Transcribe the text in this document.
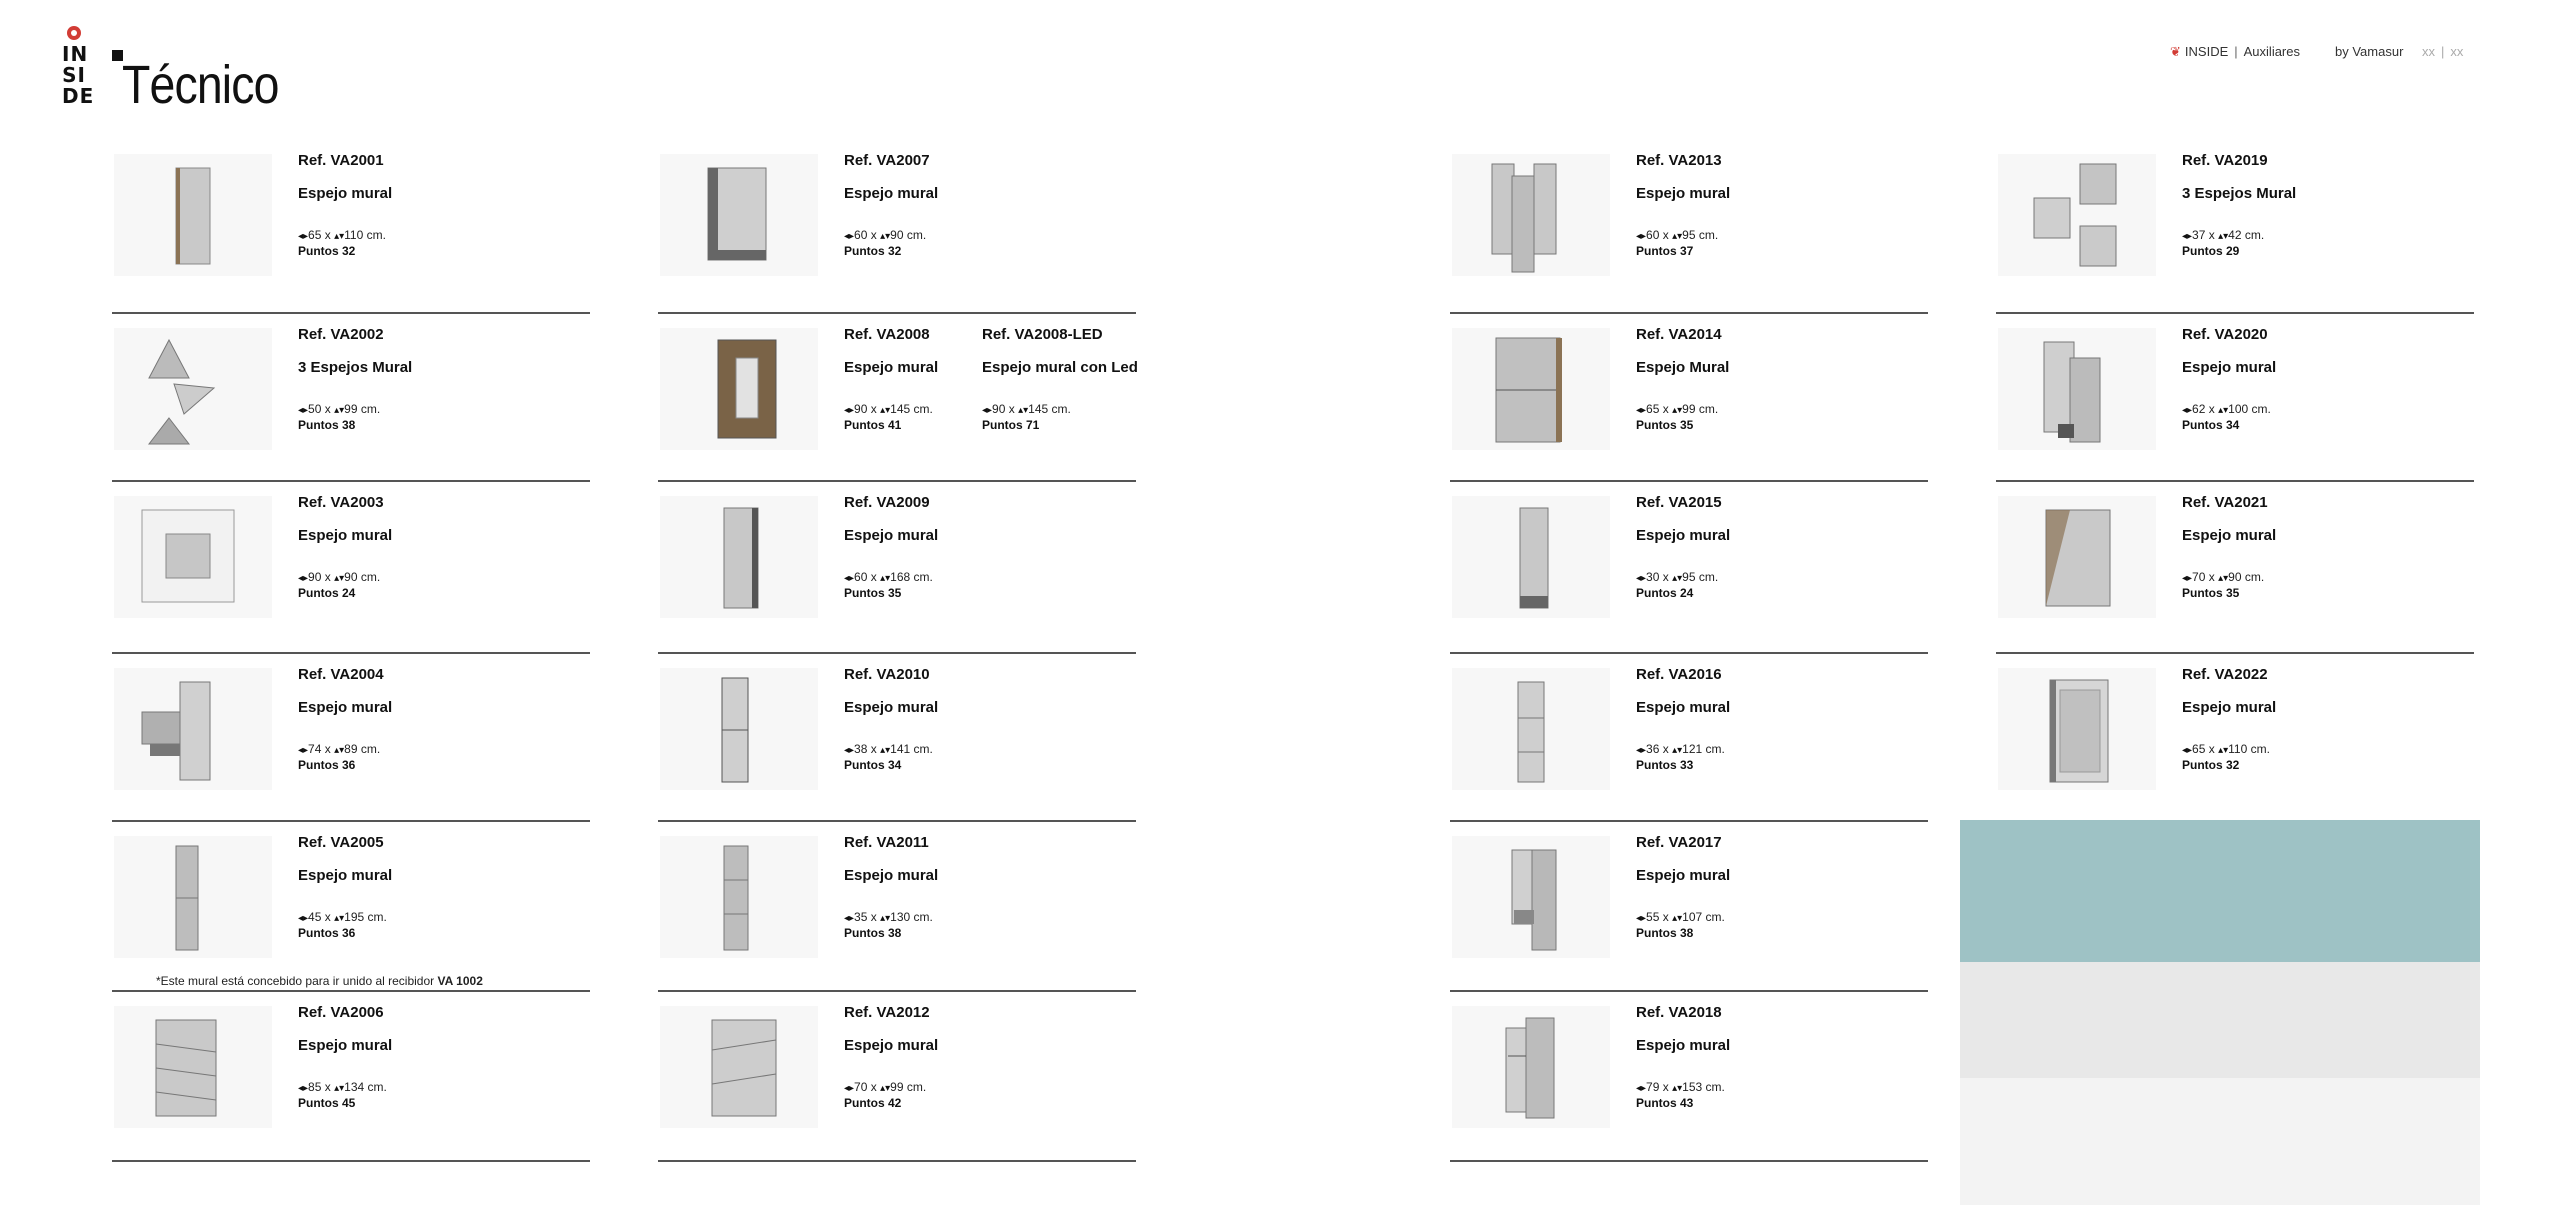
IN
SI
DE Técnico
❦ INSIDE | Auxiliares	by Vamasur xx | xx
Ref. VA2001
Espejo mural
◂▸65 x ▴▾110 cm.
Puntos 32
Ref. VA2002
3 Espejos Mural
◂▸50 x ▴▾99 cm.
Puntos 38
Ref. VA2003
Espejo mural
◂▸90 x ▴▾90 cm.
Puntos 24
Ref. VA2004
Espejo mural
◂▸74 x ▴▾89 cm.
Puntos 36
Ref. VA2005
Espejo mural
◂▸45 x ▴▾195 cm.
Puntos 36
*Este mural está concebido para ir unido al recibidor VA 1002
Ref. VA2006
Espejo mural
◂▸85 x ▴▾134 cm.
Puntos 45
Ref. VA2007
Espejo mural
◂▸60 x ▴▾90 cm.
Puntos 32
Ref. VA2008
Espejo mural
◂▸90 x ▴▾145 cm.
Puntos 41
Ref. VA2008-LED
Espejo mural con Led
◂▸90 x ▴▾145 cm.
Puntos 71
Ref. VA2009
Espejo mural
◂▸60 x ▴▾168 cm.
Puntos 35
Ref. VA2010
Espejo mural
◂▸38 x ▴▾141 cm.
Puntos 34
Ref. VA2011
Espejo mural
◂▸35 x ▴▾130 cm.
Puntos 38
Ref. VA2012
Espejo mural
◂▸70 x ▴▾99 cm.
Puntos 42
Ref. VA2013
Espejo mural
◂▸60 x ▴▾95 cm.
Puntos 37
Ref. VA2014
Espejo Mural
◂▸65 x ▴▾99 cm.
Puntos 35
Ref. VA2015
Espejo mural
◂▸30 x ▴▾95 cm.
Puntos 24
Ref. VA2016
Espejo mural
◂▸36 x ▴▾121 cm.
Puntos 33
Ref. VA2017
Espejo mural
◂▸55 x ▴▾107 cm.
Puntos 38
Ref. VA2018
Espejo mural
◂▸79 x ▴▾153 cm.
Puntos 43
Ref. VA2019
3 Espejos Mural
◂▸37 x ▴▾42 cm.
Puntos 29
Ref. VA2020
Espejo mural
◂▸62 x ▴▾100 cm.
Puntos 34
Ref. VA2021
Espejo mural
◂▸70 x ▴▾90 cm.
Puntos 35
Ref. VA2022
Espejo mural
◂▸65 x ▴▾110 cm.
Puntos 32
